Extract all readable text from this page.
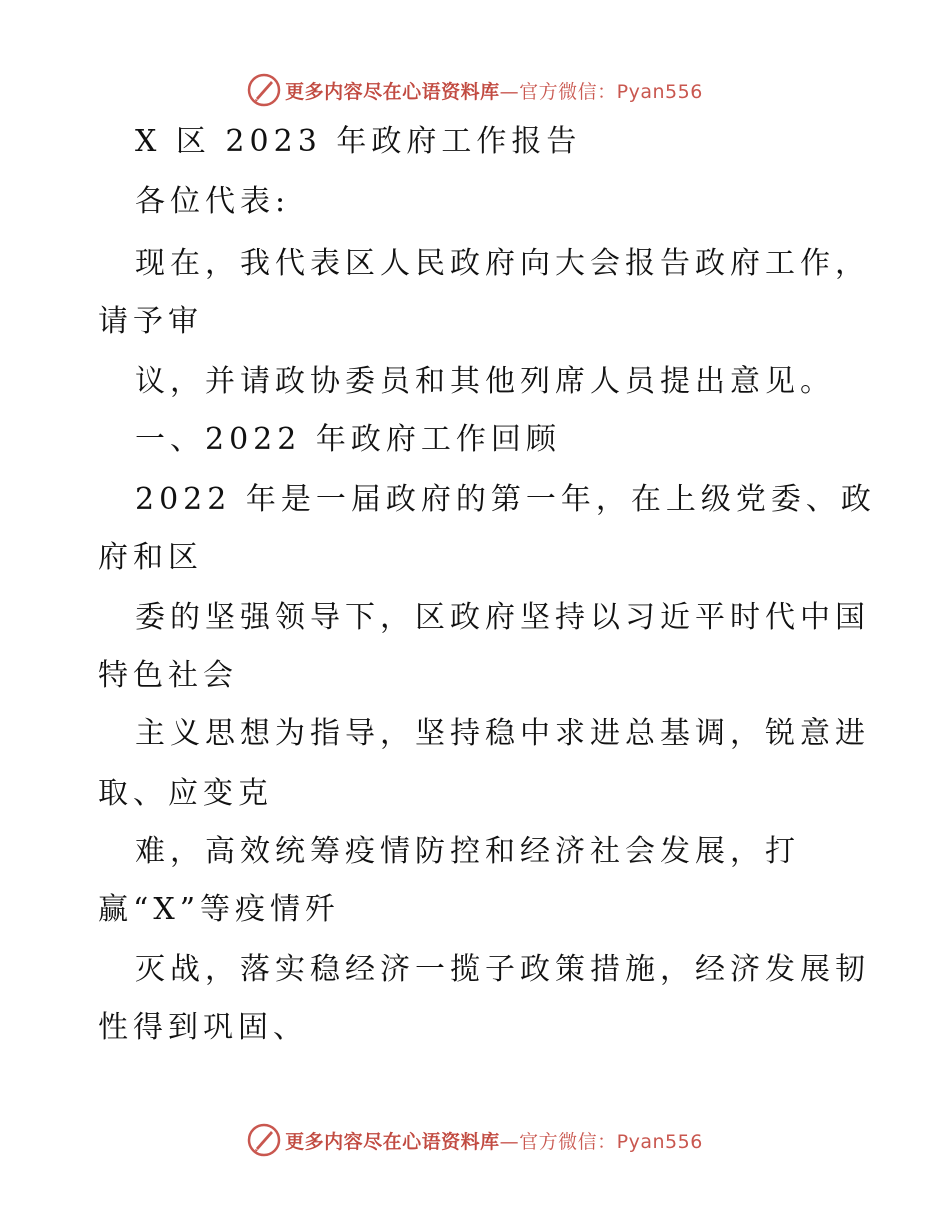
更多内容尽在心语资料库—官方微信：Pyan556
X 区 2023 年政府工作报告
各位代表:
现在，我代表区人民政府向大会报告政府工作，
请予审
议，并请政协委员和其他列席人员提出意见。
一、2022 年政府工作回顾
2022 年是一届政府的第一年，在上级党委、政
府和区
委的坚强领导下，区政府坚持以习近平时代中国
特色社会
主义思想为指导，坚持稳中求进总基调，锐意进
取、应变克
难，高效统筹疫情防控和经济社会发展，打
赢“X”等疫情歼
灭战，落实稳经济一揽子政策措施，经济发展韧
性得到巩固、
更多内容尽在心语资料库—官方微信：Pyan556
